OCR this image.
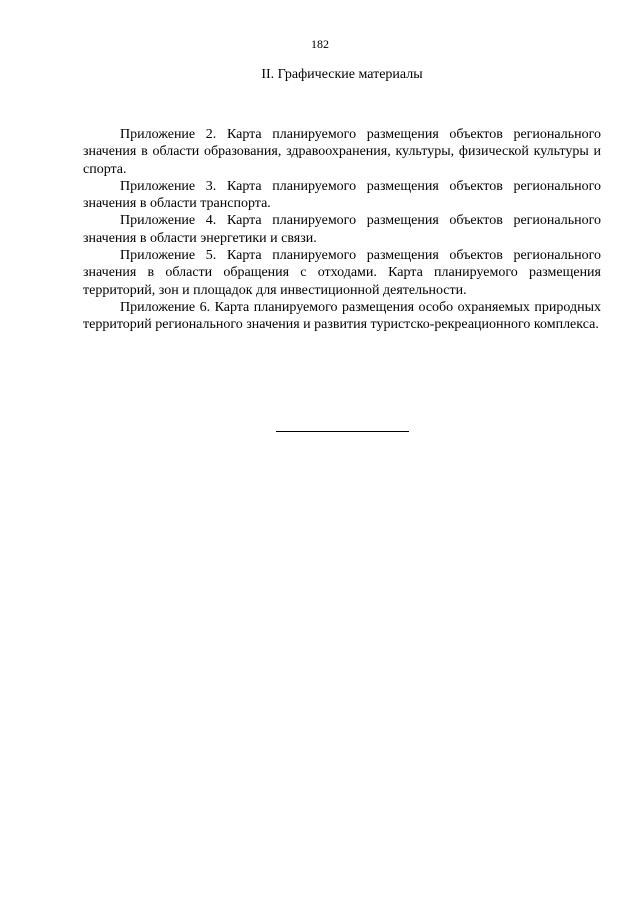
182
II. Графические материалы

Приложение 2. Карта планируемого размещения объектов регионального значения в области образования, здравоохранения, культуры, физической культуры и спорта.

Приложение 3. Карта планируемого размещения объектов регионального значения в области транспорта.

Приложение 4. Карта планируемого размещения объектов регионального значения в области энергетики и связи.

Приложение 5. Карта планируемого размещения объектов регионального значения в области обращения с отходами. Карта планируемого размещения территорий, зон и площадок для инвестиционной деятельности.

Приложение 6. Карта планируемого размещения особо охраняемых природных территорий регионального значения и развития туристско-рекреационного комплекса.
